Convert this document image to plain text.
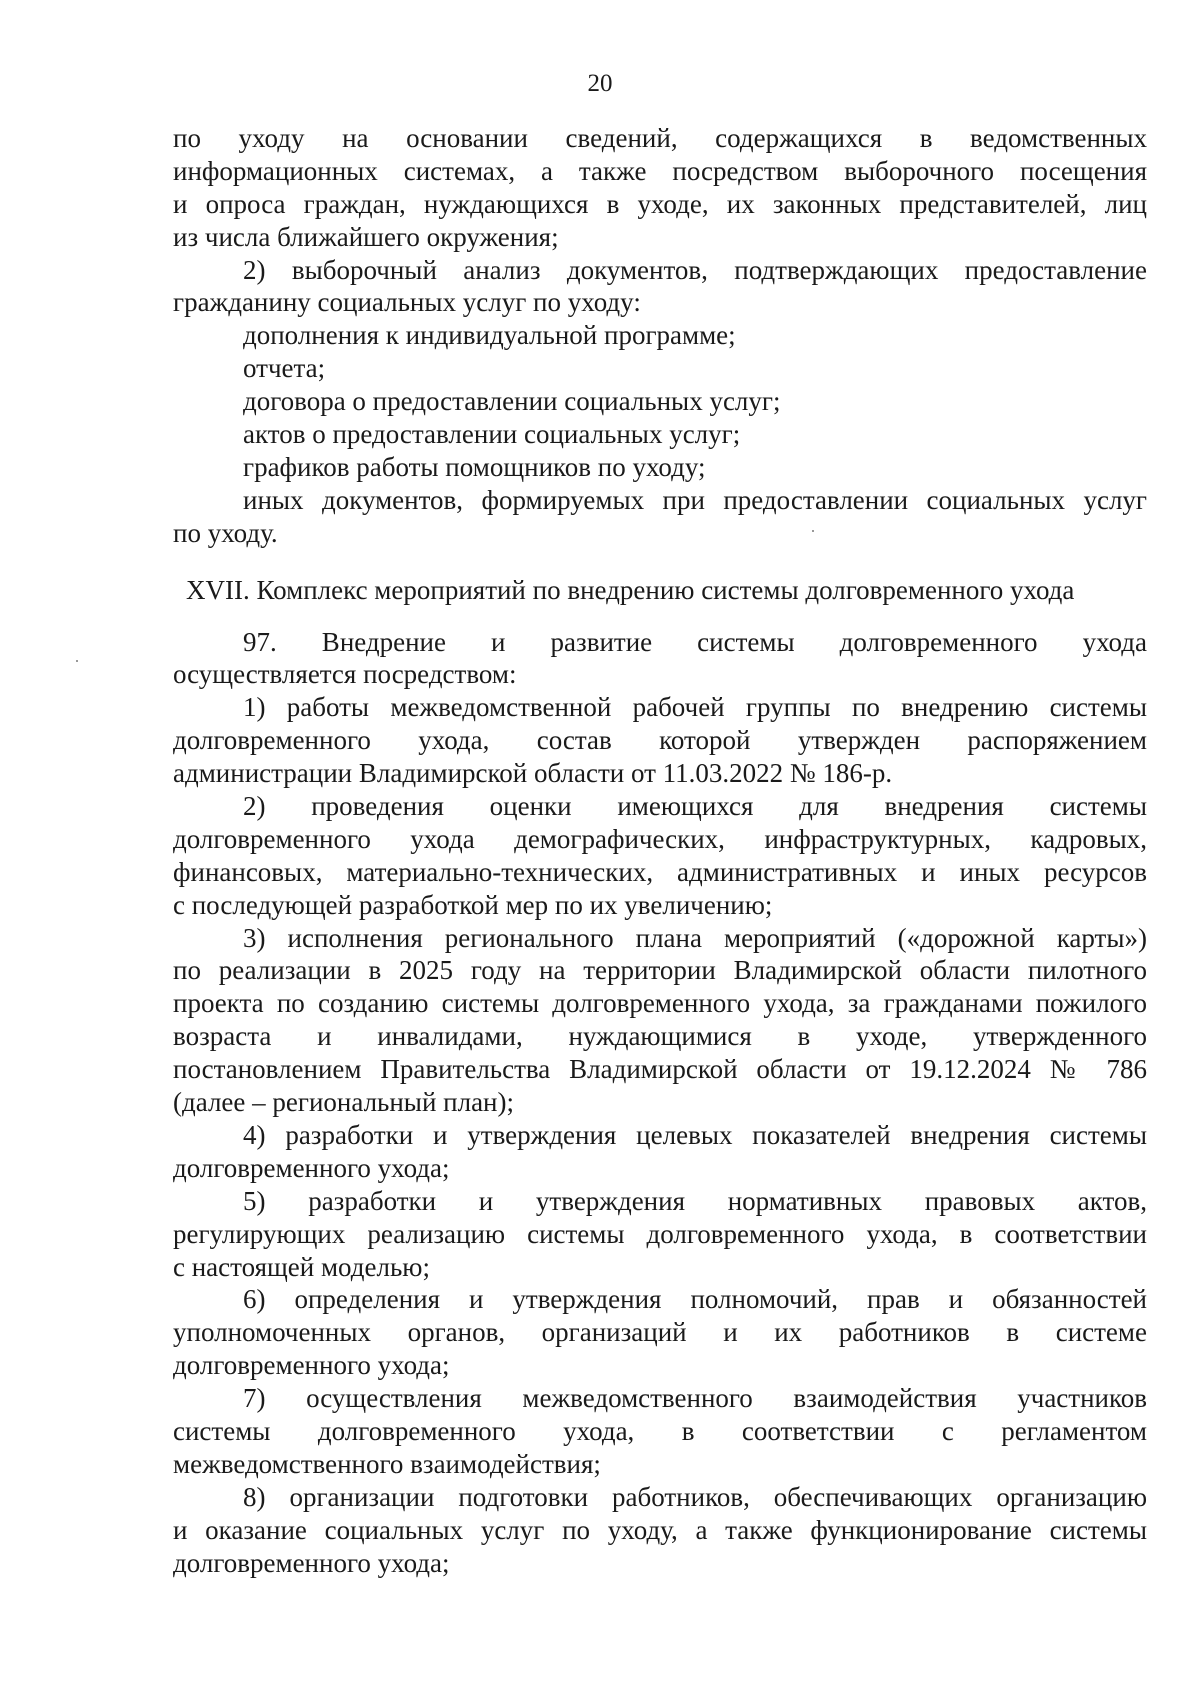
20
по уходу на основании сведений, содержащихся в ведомственных
информационных системах, а также посредством выборочного посещения
и опроса граждан, нуждающихся в уходе, их законных представителей, лиц
из числа ближайшего окружения;
2) выборочный анализ документов, подтверждающих предоставление
гражданину социальных услуг по уходу:
дополнения к индивидуальной программе;
отчета;
договора о предоставлении социальных услуг;
актов о предоставлении социальных услуг;
графиков работы помощников по уходу;
иных документов, формируемых при предоставлении социальных услуг
по уходу.
XVII. Комплекс мероприятий по внедрению системы долговременного ухода
97. Внедрение и развитие системы долговременного ухода
осуществляется посредством:
1) работы межведомственной рабочей группы по внедрению системы
долговременного ухода, состав которой утвержден распоряжением
администрации Владимирской области от 11.03.2022 № 186-р.
2) проведения оценки имеющихся для внедрения системы
долговременного ухода демографических, инфраструктурных, кадровых,
финансовых, материально-технических, административных и иных ресурсов
с последующей разработкой мер по их увеличению;
3) исполнения регионального плана мероприятий («дорожной карты»)
по реализации в 2025 году на территории Владимирской области пилотного
проекта по созданию системы долговременного ухода, за гражданами пожилого
возраста и инвалидами, нуждающимися в уходе, утвержденного
постановлением Правительства Владимирской области от 19.12.2024 № 786
(далее – региональный план);
4) разработки и утверждения целевых показателей внедрения системы
долговременного ухода;
5) разработки и утверждения нормативных правовых актов,
регулирующих реализацию системы долговременного ухода, в соответствии
с настоящей моделью;
6) определения и утверждения полномочий, прав и обязанностей
уполномоченных органов, организаций и их работников в системе
долговременного ухода;
7) осуществления межведомственного взаимодействия участников
системы долговременного ухода, в соответствии с регламентом
межведомственного взаимодействия;
8) организации подготовки работников, обеспечивающих организацию
и оказание социальных услуг по уходу, а также функционирование системы
долговременного ухода;
